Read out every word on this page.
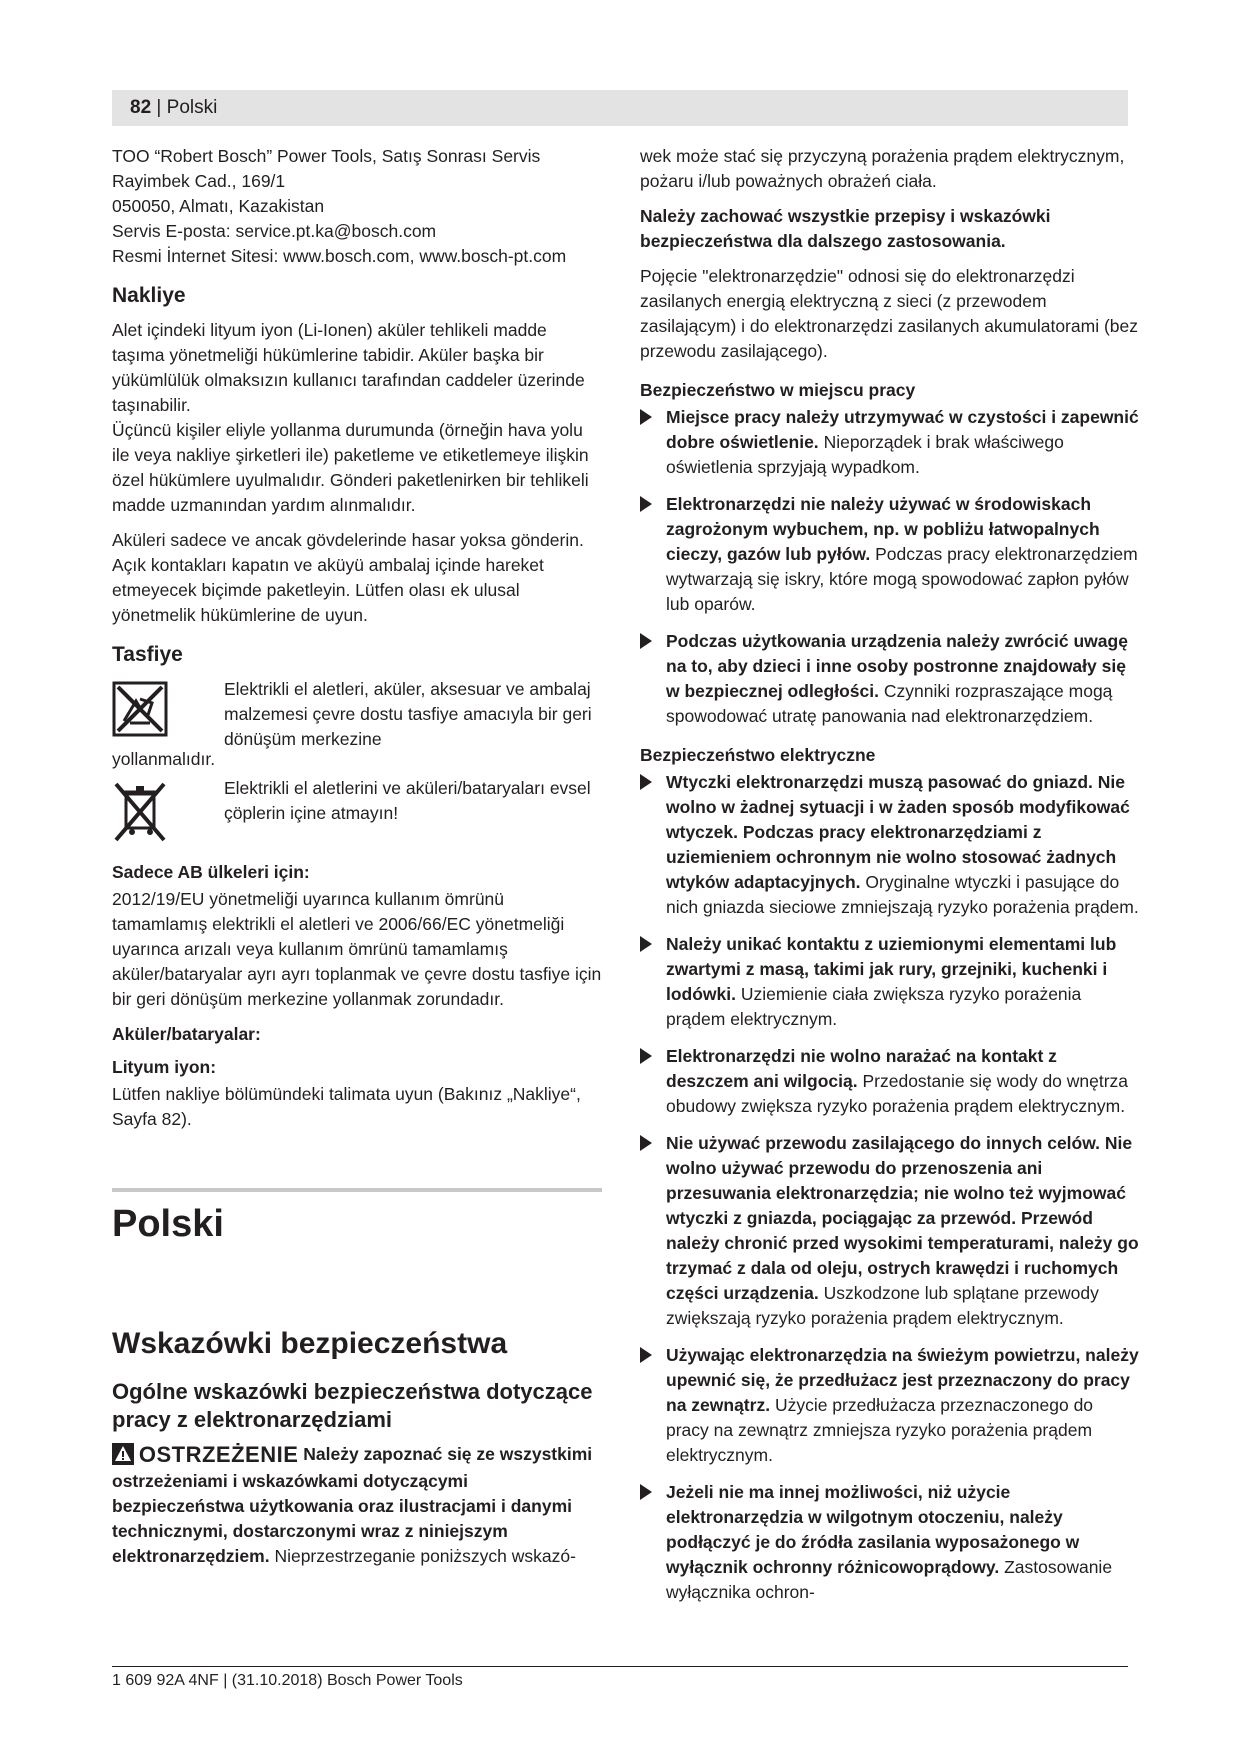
82 | Polski
TOO “Robert Bosch” Power Tools, Satış Sonrası Servis
Rayimbek Cad., 169/1
050050, Almatı, Kazakistan
Servis E-posta: service.pt.ka@bosch.com
Resmi İnternet Sitesi: www.bosch.com, www.bosch-pt.com
Nakliye

Alet içindeki lityum iyon (Li-Ionen) aküler tehlikeli madde taşıma yönetmeliği hükümlerine tabidir. Aküler başka bir yükümlülük olmaksızın kullanıcı tarafından caddeler üzerinde taşınabilir.

Üçüncü kişiler eliyle yollanma durumunda (örneğin hava yolu ile veya nakliye şirketleri ile) paketleme ve etiketlemeye ilişkin özel hükümlere uyulmalıdır. Gönderi paketlenirken bir tehlikeli madde uzmanından yardım alınmalıdır.

Aküleri sadece ve ancak gövdelerinde hasar yoksa gönderin. Açık kontakları kapatın ve aküyü ambalaj içinde hareket etmeyecek biçimde paketleyin. Lütfen olası ek ulusal yönetmelik hükümlerine de uyun.

Tasfiye
Elektrikli el aletleri, aküler, aksesuar ve ambalaj malzemesi çevre dostu tasfiye amacıyla bir geri dönüşüm merkezine
yollanmalıdır.
Elektrikli el aletlerini ve aküleri/bataryaları evsel çöplerin içine atmayın!
Sadece AB ülkeleri için:

2012/19/EU yönetmeliği uyarınca kullanım ömrünü tamamlamış elektrikli el aletleri ve 2006/66/EC yönetmeliği uyarınca arızalı veya kullanım ömrünü tamamlamış aküler/bataryalar ayrı ayrı toplanmak ve çevre dostu tasfiye için bir geri dönüşüm merkezine yollanmak zorundadır.

Aküler/bataryalar:
Lityum iyon:

Lütfen nakliye bölümündeki talimata uyun (Bakınız „Nakliye“, Sayfa 82).

Polski
Wskazówki bezpieczeństwa
Ogólne wskazówki bezpieczeństwa dotyczące pracy z elektronarzędziami

OSTRZEŻENIE Należy zapoznać się ze wszystkimi ostrzeżeniami i wskazówkami dotyczącymi bezpieczeństwa użytkowania oraz ilustracjami i danymi technicznymi, dostarczonymi wraz z niniejszym elektronarzędziem. Nieprzestrzeganie poniższych wskazó-

wek może stać się przyczyną porażenia prądem elektrycznym, pożaru i/lub poważnych obrażeń ciała.

Należy zachować wszystkie przepisy i wskazówki bezpieczeństwa dla dalszego zastosowania.

Pojęcie "elektronarzędzie" odnosi się do elektronarzędzi zasilanych energią elektryczną z sieci (z przewodem zasilającym) i do elektronarzędzi zasilanych akumulatorami (bez przewodu zasilającego).

Bezpieczeństwo w miejscu pracy
Miejsce pracy należy utrzymywać w czystości i zapewnić dobre oświetlenie. Nieporządek i brak właściwego oświetlenia sprzyjają wypadkom.
Elektronarzędzi nie należy używać w środowiskach zagrożonym wybuchem, np. w pobliżu łatwopalnych cieczy, gazów lub pyłów. Podczas pracy elektronarzędziem wytwarzają się iskry, które mogą spowodować zapłon pyłów lub oparów.
Podczas użytkowania urządzenia należy zwrócić uwagę na to, aby dzieci i inne osoby postronne znajdowały się w bezpiecznej odległości. Czynniki rozpraszające mogą spowodować utratę panowania nad elektronarzędziem.
Bezpieczeństwo elektryczne
Wtyczki elektronarzędzi muszą pasować do gniazd. Nie wolno w żadnej sytuacji i w żaden sposób modyfikować wtyczek. Podczas pracy elektronarzędziami z uziemieniem ochronnym nie wolno stosować żadnych wtyków adaptacyjnych. Oryginalne wtyczki i pasujące do nich gniazda sieciowe zmniejszają ryzyko porażenia prądem.
Należy unikać kontaktu z uziemionymi elementami lub zwartymi z masą, takimi jak rury, grzejniki, kuchenki i lodówki. Uziemienie ciała zwiększa ryzyko porażenia prądem elektrycznym.
Elektronarzędzi nie wolno narażać na kontakt z deszczem ani wilgocią. Przedostanie się wody do wnętrza obudowy zwiększa ryzyko porażenia prądem elektrycznym.
Nie używać przewodu zasilającego do innych celów. Nie wolno używać przewodu do przenoszenia ani przesuwania elektronarzędzia; nie wolno też wyjmować wtyczki z gniazda, pociągając za przewód. Przewód należy chronić przed wysokimi temperaturami, należy go trzymać z dala od oleju, ostrych krawędzi i ruchomych części urządzenia. Uszkodzone lub splątane przewody zwiększają ryzyko porażenia prądem elektrycznym.
Używając elektronarzędzia na świeżym powietrzu, należy upewnić się, że przedłużacz jest przeznaczony do pracy na zewnątrz. Użycie przedłużacza przeznaczonego do pracy na zewnątrz zmniejsza ryzyko porażenia prądem elektrycznym.
Jeżeli nie ma innej możliwości, niż użycie elektronarzędzia w wilgotnym otoczeniu, należy podłączyć je do źródła zasilania wyposażonego w wyłącznik ochronny różnicowoprądowy. Zastosowanie wyłącznika ochron-
1 609 92A 4NF | (31.10.2018) Bosch Power Tools
